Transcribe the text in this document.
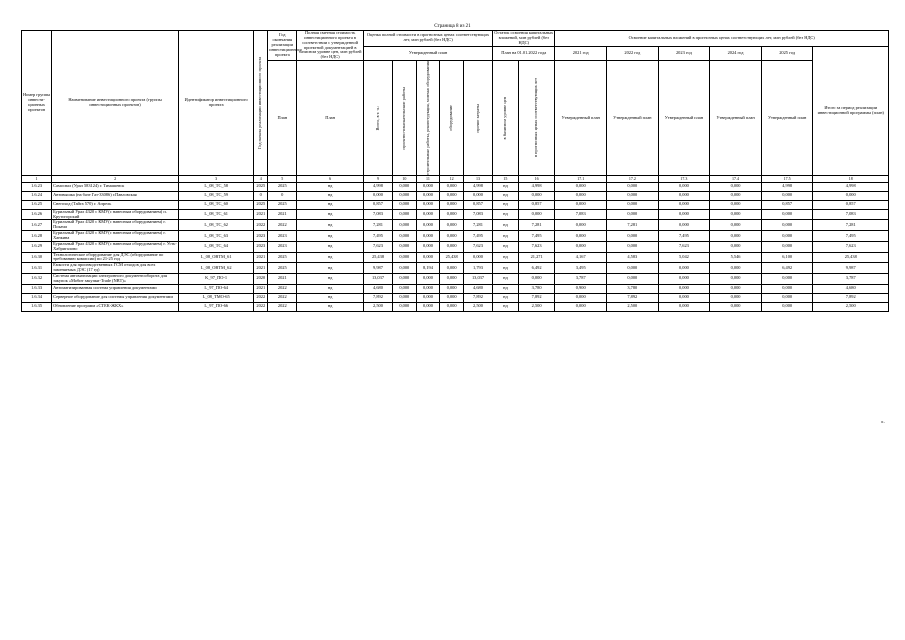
Страница 8 из 21
Номер группы инвести-ционных проектов	Наименование инвестиционного проекта (группы инвестиционных проектов)	Идентификатор инвестиционного проекта	Год начала реализации инвестиционного проекта	Год окончания реализации инвестиционного проекта	Полная сметная стоимость инвестиционного проекта в соответствии с утвержденной проектной документацией в базисном уровне цен, млн рублей (без НДС)	Оценка полной стоимости в прогнозных ценах соответствующих лет, млн рублей (без НДС)					Остаток освоения капитальных вложений, млн рублей (без НДС)		Освоение капитальных вложений в прогнозных ценах соответствующих лет, млн рублей (без НДС)					
						Утвержденный план					План на 01.01.2022 года		2021 год	2022 год	2023 год	2024 год	2025 год	Итого за период реализации инвестиционной программы (план)
				План	План	Всего, в т. ч.:	проектно-изыскательские работы	строительные работы, реконструкция, монтаж оборудования	оборудование	прочие затраты	в базисном уровне цен	в прогнозных ценах соответствующих лет	Утвержденный план	Утвержденный план	Утвержденный план	Утвержденный план	Утвержденный план	
1	2	3	4	5	6	9	10	11	12	13	15	16	17.1	17.2	17.3	17.4	17.5	18
1.6.23	Самосвал (Урал 583124) г. Тимашевск	L_08_TC_58	2025	2025	нд	4,998	0,000	0,000	0,000	4,998	нд	4,998	0,000	0,000	0,000	0,000	4,998	4,998
1.6.24	Автовышка (на базе Газ-33086) г.Павловская	L_08_TC_59	0	0	нд	0,000	0,000	0,000	0,000	0,000	нд	0,000	0,000	0,000	0,000	0,000	0,000	0,000
1.6.25	Снегоход (Тайга 570) г. Апрель	L_08_TC_60	2025	2025	нд	0,857	0,000	0,000	0,000	0,857	нд	0,857	0,000	0,000	0,000	0,000	0,857	0,857
1.6.26	Бурильный Урал 4320 с КМУ(с навесным оборудованием) п. Крутогорский	L_08_TC_61	2021	2021	нд	7,083	0,000	0,000	0,000	7,083	нд	0,000	7,083	0,000	0,000	0,000	0,000	7,083
1.6.27	Бурильный Урал 4320 с КМУ(с навесным оборудованием) г. Покачи	L_08_TC_62	2022	2022	нд	7,281	0,000	0,000	0,000	7,281	нд	7,281	0,000	7,281	0,000	0,000	0,000	7,281
1.6.28	Бурильный Урал 4320 с КМУ(с навесным оборудованием) г. Ханкина	L_08_TC_63	2023	2023	нд	7,495	0,000	0,000	0,000	7,495	нд	7,495	0,000	0,000	7,495	0,000	0,000	7,495
1.6.29	Бурильный Урал 4320 с КМУ(с навесным оборудованием) г. Усть-Хабригалово	L_08_TC_64	2023	2023	нд	7,623	0,000	0,000	0,000	7,623	нд	7,623	0,000	0,000	7,623	0,000	0,000	7,623
1.6.30	Технологическое оборудование для ДЭС (оборудование по требованию комиссии) по 21-25 год	L_08_OBTM_61	2021	2025	нд	25,438	0,000	0,000	25,438	0,000	нд	21,271	4,167	4,583	5,042	5,546	6,100	25,438
1.6.31	Емкости для производственных ГСМ отходов для всех заменяемых ДЭС (17 ед)	L_08_OBTM_62	2021	2025	нд	9,987	0,000	8,194	0,000	1,793	нд	6,492	3,495	0,000	0,000	0,000	6,492	9,987
1.6.32	Система автоматизации электронного документооборота для закупок «Мобит закупки-Trade (NBT)»	K_97_ПО-1	2020	2021	нд	13,037	0,000	0,000	0,000	13,037	нд	0,000	3,787	0,000	0,000	0,000	0,000	3,787
1.6.33	Автоматизированная система управления документами	L_97_ПО-64	2021	2022	нд	4,680	0,000	0,000	0,000	4,680	нд	3,780	0,900	3,780	0,000	0,000	0,000	4,680
1.6.34	Серверное оборудование для системы управления документами	L_08_TMO-65	2022	2022	нд	7,892	0,000	0,000	0,000	7,892	нд	7,892	0,000	7,892	0,000	0,000	0,000	7,892
1.6.35	Обновление программ «СТЕК-ЖКХ»	L_97_ПО-66	2022	2022	нд	2,500	0,000	0,000	0,000	2,500	нд	2,500	0,000	2,500	0,000	0,000	0,000	2,500
».
